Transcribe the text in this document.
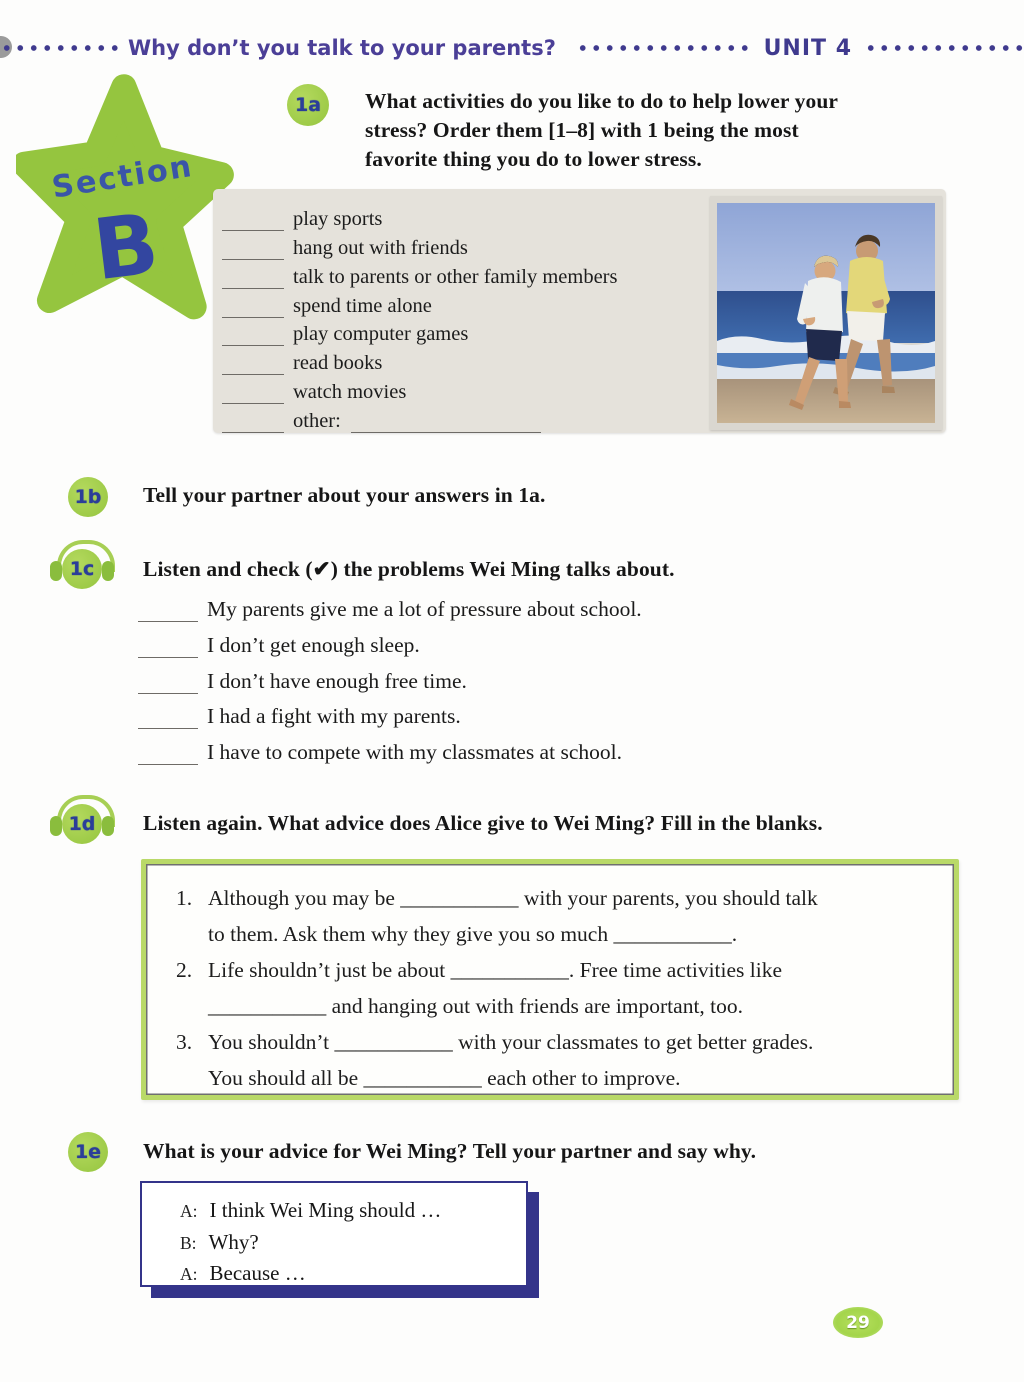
Why don’t you talk to your parents?	UNIT 4
Section
B
1a What activities do you like to do to help lower your
stress? Order them [1–8] with 1 being the most
favorite thing you do to lower stress.
play sports
hang out with friends
talk to parents or other family members
spend time alone
play computer games
read books
watch movies
other:
1b Tell your partner about your answers in 1a.
1c Listen and check (✔) the problems Wei Ming talks about.
My parents give me a lot of pressure about school.
I don’t get enough sleep.
I don’t have enough free time.
I had a fight with my parents.
I have to compete with my classmates at school.
1d Listen again. What advice does Alice give to Wei Ming? Fill in the blanks.
1. Although you may be ___________ with your parents, you should talk
to them. Ask them why they give you so much ___________.
2. Life shouldn’t just be about ___________. Free time activities like
___________ and hanging out with friends are important, too.
3. You shouldn’t ___________ with your classmates to get better grades.
You should all be ___________ each other to improve.
1e What is your advice for Wei Ming? Tell your partner and say why.
A: I think Wei Ming should …
B: Why?
A: Because …
29
